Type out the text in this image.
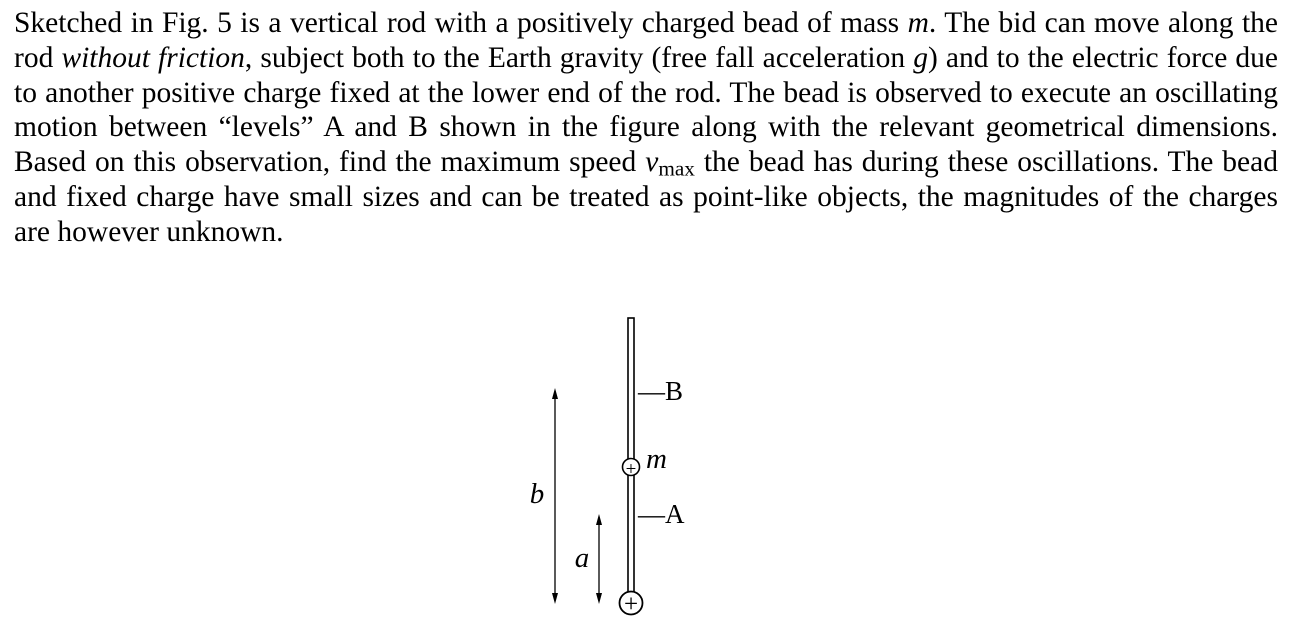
Sketched in Fig. 5 is a vertical rod with a positively charged bead of mass m. The bid can move along the rod without friction, subject both to the Earth gravity (free fall acceleration g) and to the electric force due to another positive charge fixed at the lower end of the rod. The bead is observed to execute an oscillating motion between “levels” A and B shown in the figure along with the relevant geometrical dimensions. Based on this observation, find the maximum speed $v_{max}$ the bead has during these oscillations. The bead and fixed charge have small sizes and can be treated as point-like objects, the magnitudes of the charges are however unknown.
—B
+ m
—A
+
b
a
